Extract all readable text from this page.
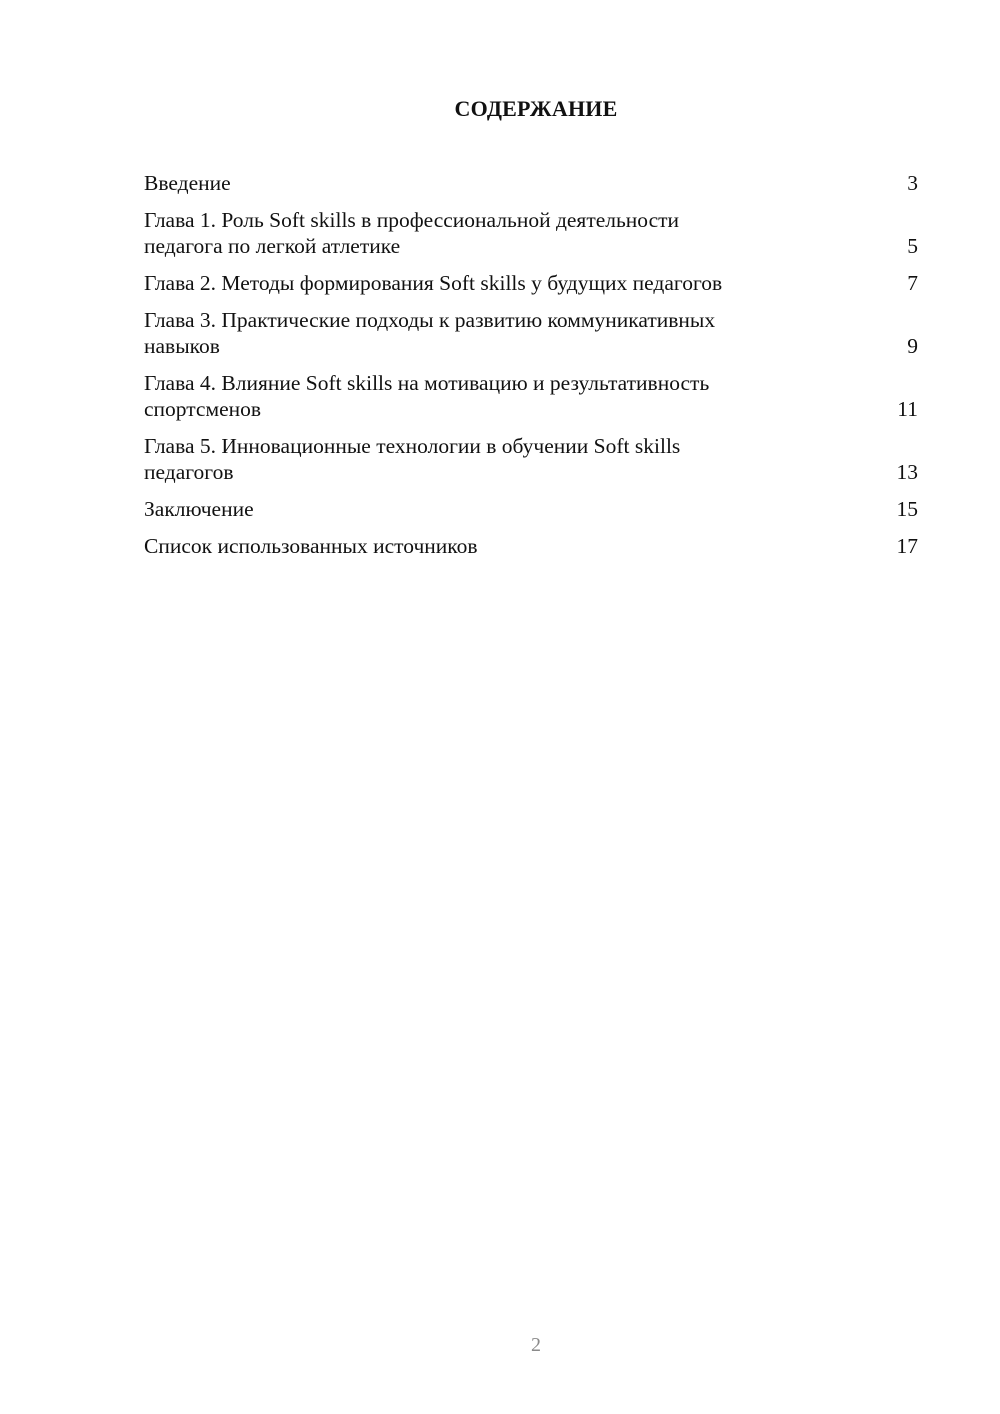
СОДЕРЖАНИЕ
Введение	3
Глава 1. Роль Soft skills в профессиональной деятельности
педагога по легкой атлетике	5
Глава 2. Методы формирования Soft skills у будущих педагогов	7
Глава 3. Практические подходы к развитию коммуникативных
навыков	9
Глава 4. Влияние Soft skills на мотивацию и результативность
спортсменов	11
Глава 5. Инновационные технологии в обучении Soft skills
педагогов	13
Заключение	15
Список использованных источников	17
2
